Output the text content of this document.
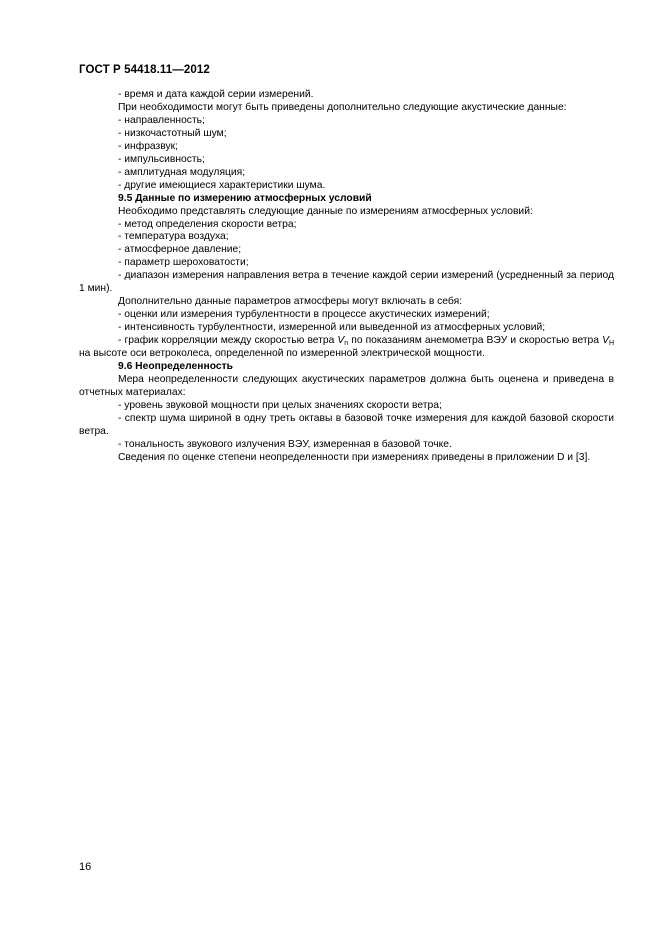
ГОСТ Р 54418.11—2012

- время и дата каждой серии измерений.

При необходимости могут быть приведены дополнительно следующие акустические данные:

- направленность;

- низкочастотный шум;

- инфразвук;

- импульсивность;

- амплитудная модуляция;

- другие имеющиеся характеристики шума.

9.5 Данные по измерению атмосферных условий

Необходимо представлять следующие данные по измерениям атмосферных условий:

- метод определения скорости ветра;

- температура воздуха;

- атмосферное давление;

- параметр шероховатости;

- диапазон измерения направления ветра в течение каждой серии измерений (усредненный за период 1 мин).

Дополнительно данные параметров атмосферы могут включать в себя:

- оценки или измерения турбулентности в процессе акустических измерений;

- интенсивность турбулентности, измеренной или выведенной из атмосферных условий;

- график корреляции между скоростью ветра $V_n$ по показаниям анемометра ВЭУ и скоростью ветра $V_H$ на высоте оси ветроколеса, определенной по измеренной электрической мощности.

9.6 Неопределенность

Мера неопределенности следующих акустических параметров должна быть оценена и приведена в отчетных материалах:

- уровень звуковой мощности при целых значениях скорости ветра;

- спектр шума шириной в одну треть октавы в базовой точке измерения для каждой базовой скорости ветра.

- тональность звукового излучения ВЭУ, измеренная в базовой точке.

Сведения по оценке степени неопределенности при измерениях приведены в приложении D и [3].

16
